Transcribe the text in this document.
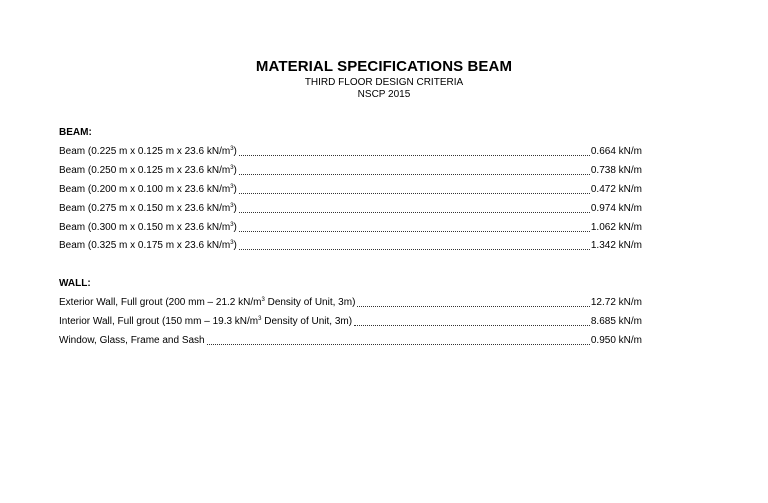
MATERIAL SPECIFICATIONS BEAM
THIRD FLOOR DESIGN CRITERIA
NSCP 2015
BEAM:
Beam (0.225 m x 0.125 m x 23.6 $kN/m^3$)	0.664 kN/m
Beam (0.250 m x 0.125 m x 23.6 $kN/m^3$)	0.738 kN/m
Beam (0.200 m x 0.100 m x 23.6 $kN/m^3$)	0.472 kN/m
Beam (0.275 m x 0.150 m x 23.6 $kN/m^3$)	0.974 kN/m
Beam (0.300 m x 0.150 m x 23.6 $kN/m^3$)	1.062 kN/m
Beam (0.325 m x 0.175 m x 23.6 $kN/m^3$)	1.342 kN/m
WALL:
Exterior Wall, Full grout (200 mm – 21.2 $kN/m^3$ Density of Unit, 3m)	12.72 kN/m
Interior Wall, Full grout (150 mm – 19.3 $kN/m^3$ Density of Unit, 3m)	8.685 kN/m
Window, Glass, Frame and Sash	0.950 kN/m
